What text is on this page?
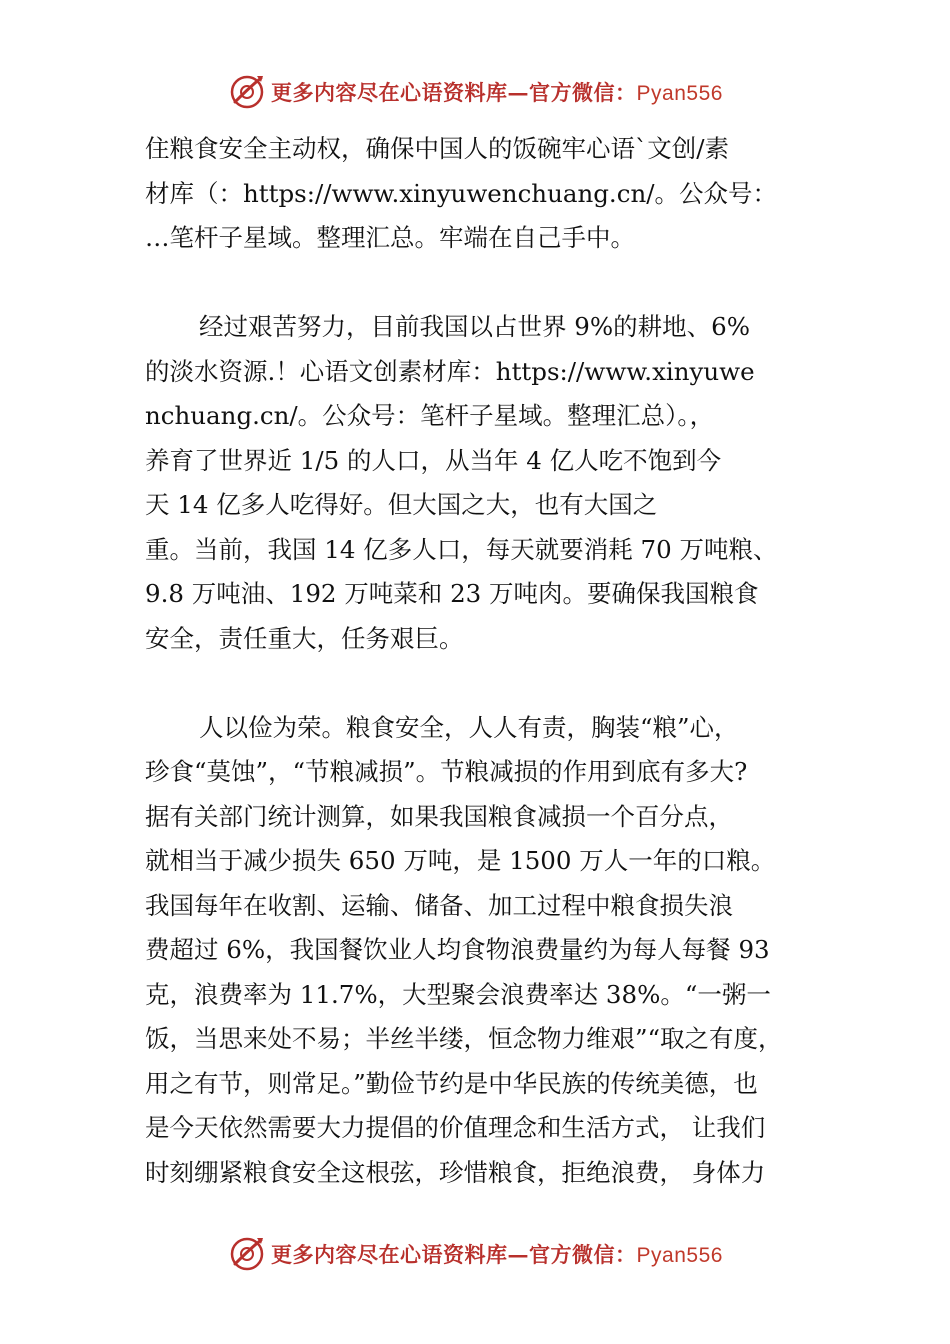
更多内容尽在心语资料库—官方微信：Pyan556
住粮食安全主动权，确保中国人的饭碗牢心语`文创/素
材库（：https://www.xinyuwenchuang.cn/。公众号：
…笔杆子星域。整理汇总。牢端在自己手中。
经过艰苦努力，目前我国以占世界 9%的耕地、6%
的淡水资源.！心语文创素材库：https://www.xinyuwe
nchuang.cn/。公众号：笔杆子星域。整理汇总）。，
养育了世界近 1/5 的人口，从当年 4 亿人吃不饱到今
天 14 亿多人吃得好。但大国之大，也有大国之
重。当前，我国 14 亿多人口，每天就要消耗 70 万吨粮、
9.8 万吨油、192 万吨菜和 23 万吨肉。要确保我国粮食
安全，责任重大，任务艰巨。
人以俭为荣。粮食安全，人人有责，胸装“粮”心，
珍食“莫蚀”，“节粮减损”。节粮减损的作用到底有多大?
据有关部门统计测算，如果我国粮食减损一个百分点，
就相当于减少损失 650 万吨，是 1500 万人一年的口粮。
我国每年在收割、运输、储备、加工过程中粮食损失浪
费超过 6%，我国餐饮业人均食物浪费量约为每人每餐 93
克，浪费率为 11.7%，大型聚会浪费率达 38%。“一粥一
饭，当思来处不易；半丝半缕，恒念物力维艰”“取之有度，
用之有节，则常足。”勤俭节约是中华民族的传统美德，也
是今天依然需要大力提倡的价值理念和生活方式， 让我们
时刻绷紧粮食安全这根弦，珍惜粮食，拒绝浪费， 身体力
更多内容尽在心语资料库—官方微信：Pyan556
